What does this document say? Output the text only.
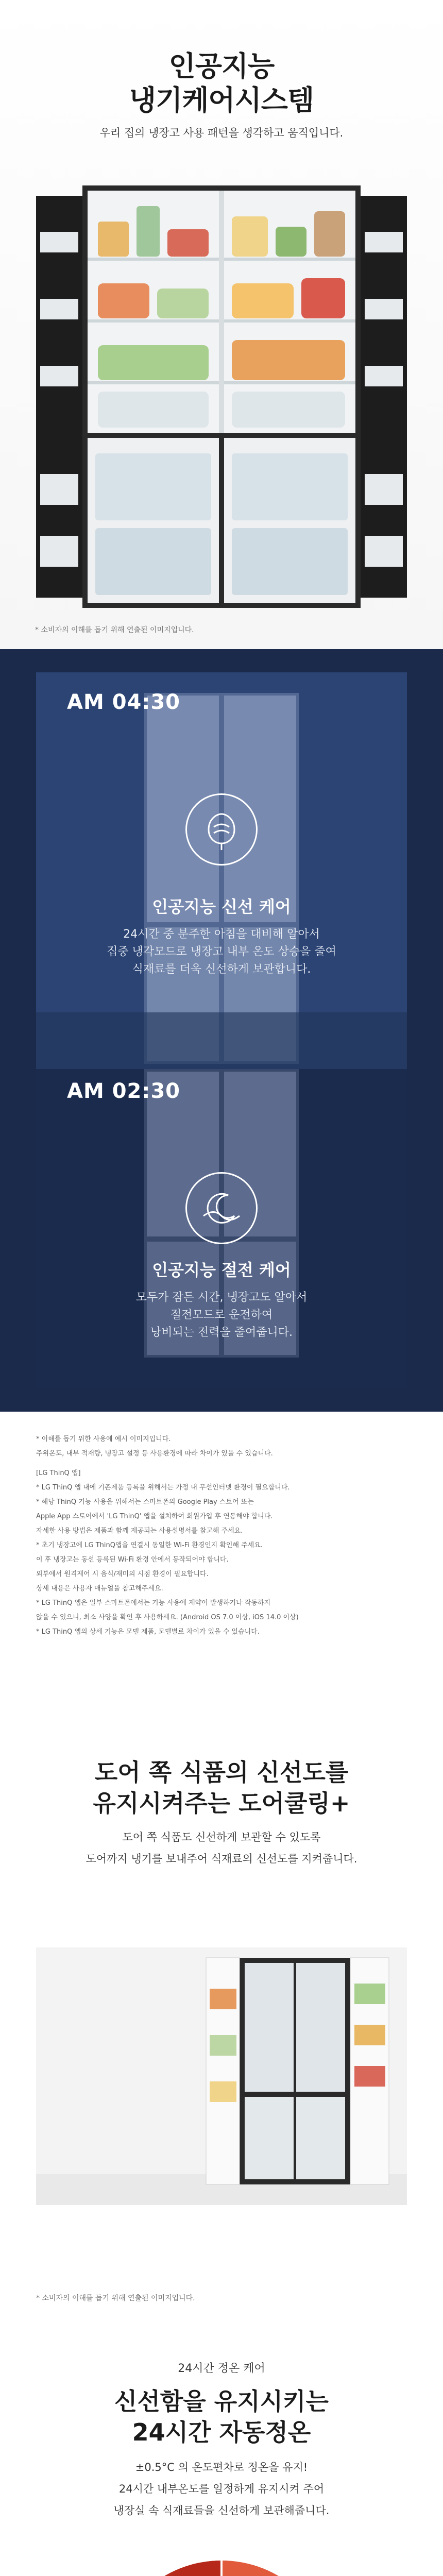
인공지능
냉기케어시스템
우리 집의 냉장고 사용 패턴을 생각하고 움직입니다.
* 소비자의 이해를 돕기 위해 연출된 이미지입니다.
AM 04:30
인공지능 신선 케어
24시간 중 분주한 아침을 대비해 알아서
집중 냉각모드로 냉장고 내부 온도 상승을 줄여
식재료를 더욱 신선하게 보관합니다.
AM 02:30
인공지능 절전 케어
모두가 잠든 시간, 냉장고도 알아서
절전모드로 운전하여
낭비되는 전력을 줄여줍니다.
* 이해를 돕기 위한 사용예 예시 이미지입니다.
주위온도, 내부 적재량, 냉장고 설정 등 사용환경에 따라 차이가 있을 수 있습니다.
[LG ThinQ 앱]
* LG ThinQ 앱 내에 기존제품 등록을 위해서는 가정 내 무선인터넷 환경이 필요합니다.
* 해당 ThinQ 기능 사용을 위해서는 스마트폰의 Google Play 스토어 또는
Apple App 스토어에서 'LG ThinQ' 앱을 설치하여 회원가입 후 연동해야 합니다.
자세한 사용 방법은 제품과 함께 제공되는 사용설명서를 참고해 주세요.
* 초기 냉장고에 LG ThinQ앱을 연결시 동일한 Wi-Fi 환경인지 확인해 주세요.
이 후 냉장고는 동선 등록된 Wi-Fi 환경 안에서 동작되어야 합니다.
외부에서 원격제어 시 음식/재미의 시점 환경이 필요합니다.
상세 내용은 사용자 매뉴얼을 참고해주세요.
* LG ThinQ 앱은 일부 스마트폰에서는 기능 사용에 제약이 발생하거나 작동하지
않을 수 있으니, 최소 사양을 확인 후 사용하세요. (Android OS 7.0 이상, iOS 14.0 이상)
* LG ThinQ 앱의 상세 기능은 모델 제품, 모델별로 차이가 있을 수 있습니다.
도어 쪽 식품의 신선도를
유지시켜주는 도어쿨링+
도어 쪽 식품도 신선하게 보관할 수 있도록
도어까지 냉기를 보내주어 식재료의 신선도를 지켜줍니다.
* 소비자의 이해를 돕기 위해 연출된 이미지입니다.
24시간 정온 케어
신선함을 유지시키는
24시간 자동정온
±0.5°C 의 온도편차로 정온을 유지!
24시간 내부온도를 일정하게 유지시켜 주어
냉장실 속 식재료들을 신선하게 보관해줍니다.
